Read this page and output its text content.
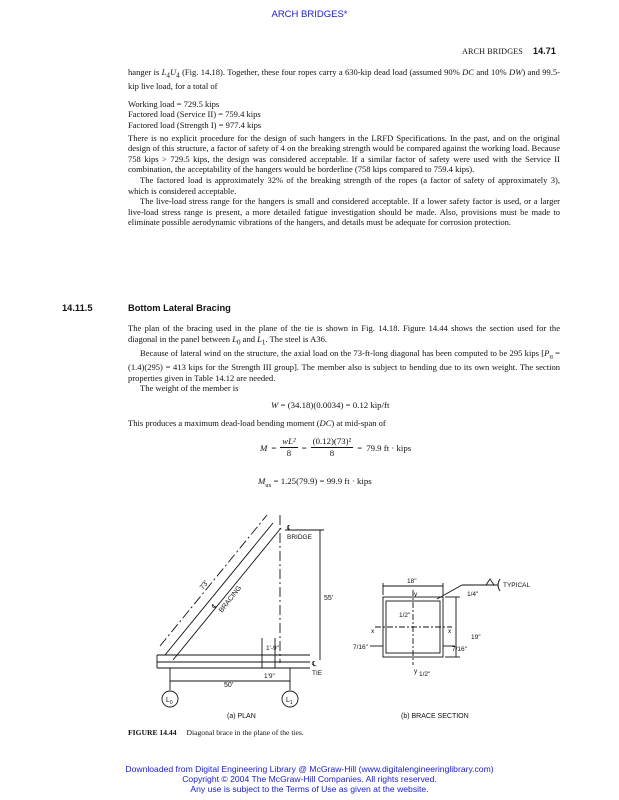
ARCH BRIDGES*
ARCH BRIDGES 14.71

hanger is $L_4U_4$ (Fig. 14.18). Together, these four ropes carry a 630-kip dead load (assumed 90% DC and 10% DW) and 99.5-kip live load, for a total of

Working load = 729.5 kips

Factored load (Service II) = 759.4 kips

Factored load (Strength I) = 977.4 kips

There is no explicit procedure for the design of such hangers in the LRFD Specifications. In the past, and on the original design of this structure, a factor of safety of 4 on the breaking strength would be compared against the working load. Because 758 kips > 729.5 kips, the design was considered acceptable. If a similar factor of safety were used with the Service II combination, the acceptability of the hangers would be borderline (758 kips compared to 759.4 kips).

The factored load is approximately 32% of the breaking strength of the ropes (a factor of safety of approximately 3), which is considered acceptable.

The live-load stress range for the hangers is small and considered acceptable. If a lower safety factor is used, or a larger live-load stress range is present, a more detailed fatigue investigation should be made. Also, provisions must be made to eliminate possible aerodynamic vibrations of the hangers, and details must be adequate for corrosion protection.

14.11.5	Bottom Lateral Bracing

The plan of the bracing used in the plane of the tie is shown in Fig. 14.18. Figure 14.44 shows the section used for the diagonal in the panel between $L_0$ and $L_1$. The steel is A36.

Because of lateral wind on the structure, the axial load on the 73-ft-long diagonal has been computed to be 295 kips [$P_u = (1.4)(295) = 413$ kips for the Strength III group]. The member also is subject to bending due to its own weight. The section properties given in Table 14.12 are needed.

The weight of the member is

W = (34.18)(0.0034) = 0.12 kip/ft

This produces a maximum dead-load bending moment (DC) at mid-span of

$M = \frac{\text{wL²}}{8} = \frac{\text{(0.12)(73)²}}{8} = 79.9$ ft · kips
$M_{ux} = 1.25(79.9) = 99.9$ ft · kips
73'
℄
BRACING
℄
BRIDGE
55'
1'-9"
1'9"
℄
TIE
50'
$L_0$	$L_1$
(a) PLAN
18"
19"
1/4"
TYPICAL
1/2"
1/2"
7/16"	7/16"
y
y
x	x
(b) BRACE SECTION
FIGURE 14.44 Diagonal brace in the plane of the ties.
Downloaded from Digital Engineering Library @ McGraw-Hill (www.digitalengineeringlibrary.com)
Copyright © 2004 The McGraw-Hill Companies. All rights reserved.
Any use is subject to the Terms of Use as given at the website.
